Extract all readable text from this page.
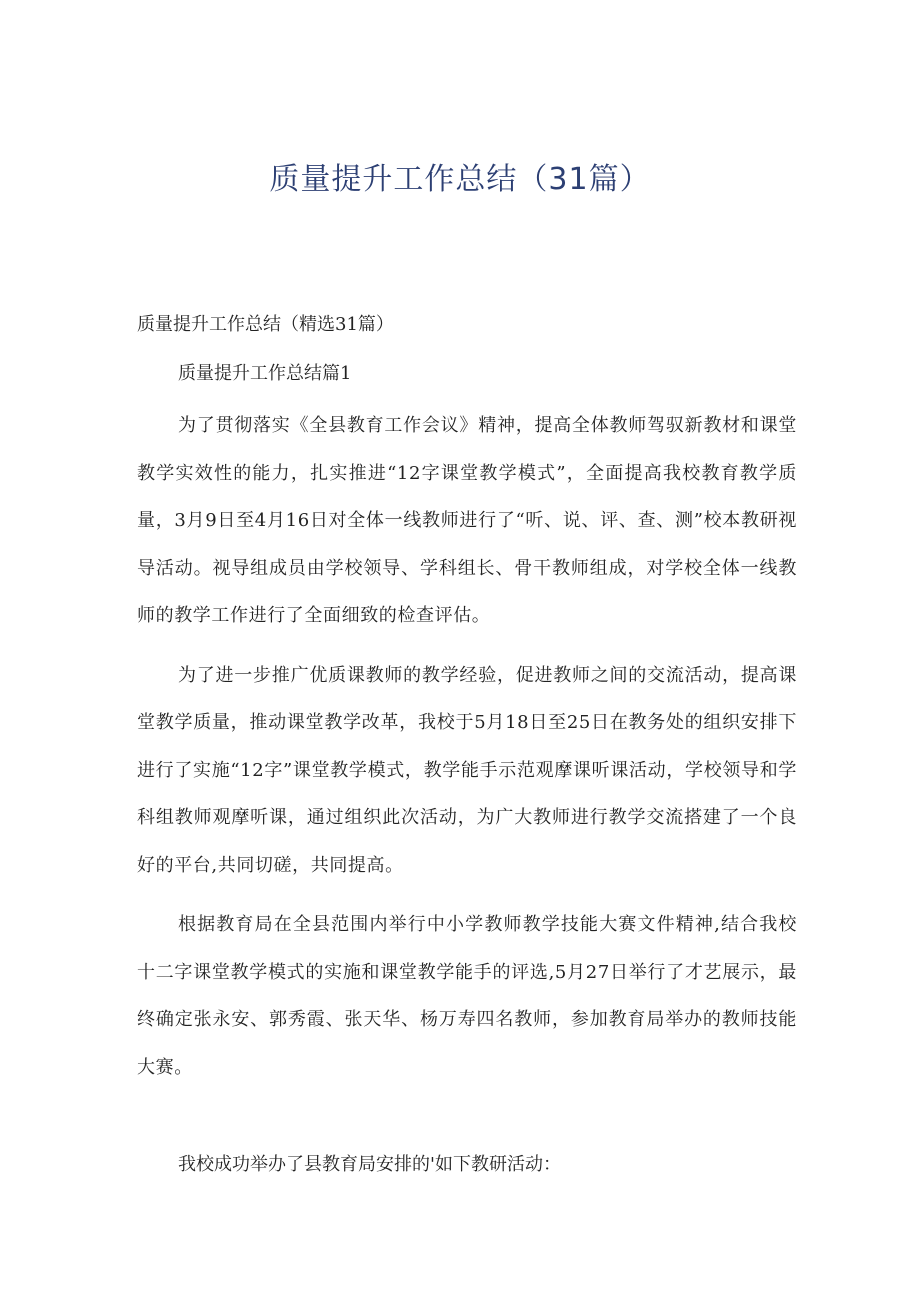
质量提升工作总结（31篇）
质量提升工作总结（精选31篇）
质量提升工作总结篇1

为了贯彻落实《全县教育工作会议》精神，提高全体教师驾驭新教材和课堂教学实效性的能力，扎实推进“12字课堂教学模式”，全面提高我校教育教学质量，3月9日至4月16日对全体一线教师进行了“听、说、评、查、测”校本教研视导活动。视导组成员由学校领导、学科组长、骨干教师组成，对学校全体一线教师的教学工作进行了全面细致的检查评估。

为了进一步推广优质课教师的教学经验，促进教师之间的交流活动，提高课堂教学质量，推动课堂教学改革，我校于5月18日至25日在教务处的组织安排下进行了实施“12字”课堂教学模式，教学能手示范观摩课听课活动，学校领导和学科组教师观摩听课，通过组织此次活动，为广大教师进行教学交流搭建了一个良好的平台,共同切磋，共同提高。

根据教育局在全县范围内举行中小学教师教学技能大赛文件精神,结合我校十二字课堂教学模式的实施和课堂教学能手的评选,5月27日举行了才艺展示，最终确定张永安、郭秀霞、张天华、杨万寿四名教师，参加教育局举办的教师技能大赛。

我校成功举办了县教育局安排的'如下教研活动：
